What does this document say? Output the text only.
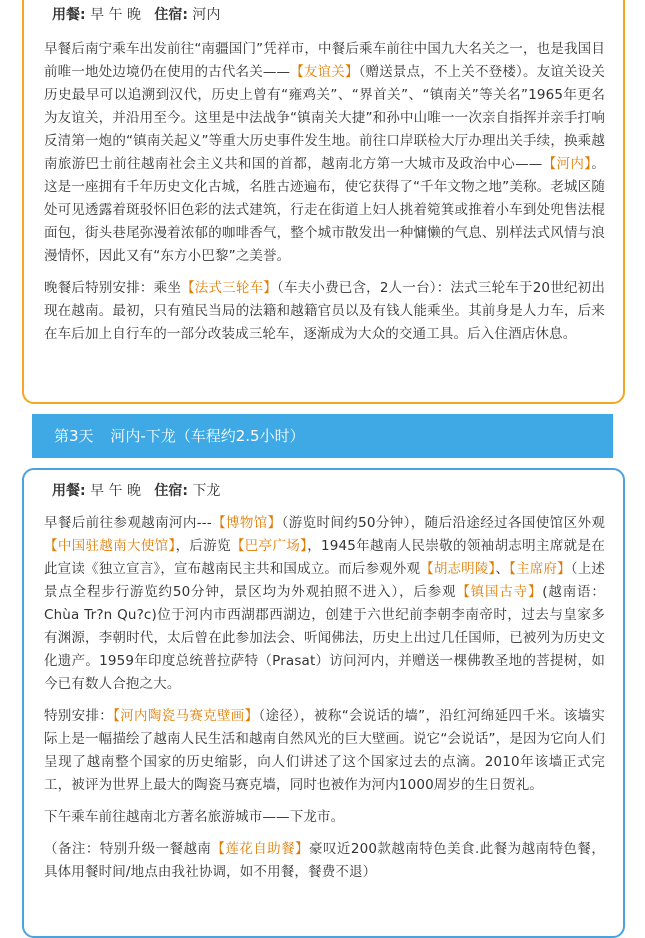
用餐: 早 午 晚 住宿: 河内

早餐后南宁乘车出发前往“南疆国门”凭祥市，中餐后乘车前往中国九大名关之一，也是我国目前唯一地处边境仍在使用的古代名关——【友谊关】（赠送景点，不上关不登楼）。友谊关设关历史最早可以追溯到汉代，历史上曾有“雍鸡关”、“界首关”、“镇南关”等关名”1965年更名为友谊关，并沿用至今。这里是中法战争“镇南关大捷”和孙中山唯一一次亲自指挥并亲手打响反清第一炮的“镇南关起义”等重大历史事件发生地。前往口岸联检大厅办理出关手续，换乘越南旅游巴士前往越南社会主义共和国的首都，越南北方第一大城市及政治中心——【河内】。这是一座拥有千年历史文化古城，名胜古迹遍布，使它获得了“千年文物之地”美称。老城区随处可见透露着斑驳怀旧色彩的法式建筑，行走在街道上妇人挑着箢箕或推着小车到处兜售法棍面包，街头巷尾弥漫着浓郁的咖啡香气，整个城市散发出一种慵懒的气息、别样法式风情与浪漫情怀，因此又有“东方小巴黎”之美誉。

晚餐后特别安排：乘坐【法式三轮车】（车夫小费已含，2人一台）：法式三轮车于20世纪初出现在越南。最初，只有殖民当局的法籍和越籍官员以及有钱人能乘坐。其前身是人力车，后来在车后加上自行车的一部分改装成三轮车，逐渐成为大众的交通工具。后入住酒店休息。

第3天 河内-下龙（车程约2.5小时）
用餐: 早 午 晚 住宿: 下龙

早餐后前往参观越南河内---【博物馆】（游览时间约50分钟），随后沿途经过各国使馆区外观【中国驻越南大使馆】，后游览【巴亭广场】，1945年越南人民崇敬的领袖胡志明主席就是在此宣读《独立宣言》，宣布越南民主共和国成立。而后参观外观【胡志明陵】、【主席府】（上述景点全程步行游览约50分钟，景区均为外观拍照不进入），后参观【镇国古寺】(越南语：Chùa Tr?n Qu?c)位于河内市西湖郡西湖边，创建于六世纪前李朝李南帝时，过去与皇家多有渊源，李朝时代，太后曾在此参加法会、听闻佛法，历史上出过几任国师，已被列为历史文化遗产。1959年印度总统普拉萨特（Prasat）访问河内，并赠送一棵佛教圣地的菩提树，如今已有数人合抱之大。

特别安排：【河内陶瓷马赛克壁画】（途径），被称“会说话的墙”，沿红河绵延四千米。该墙实际上是一幅描绘了越南人民生活和越南自然风光的巨大壁画。说它“会说话”，是因为它向人们呈现了越南整个国家的历史缩影，向人们讲述了这个国家过去的点滴。2010年该墙正式完工，被评为世界上最大的陶瓷马赛克墙，同时也被作为河内1000周岁的生日贺礼。

下午乘车前往越南北方著名旅游城市——下龙市。

（备注：特别升级一餐越南【莲花自助餐】豪叹近200款越南特色美食.此餐为越南特色餐，具体用餐时间/地点由我社协调，如不用餐，餐费不退）
